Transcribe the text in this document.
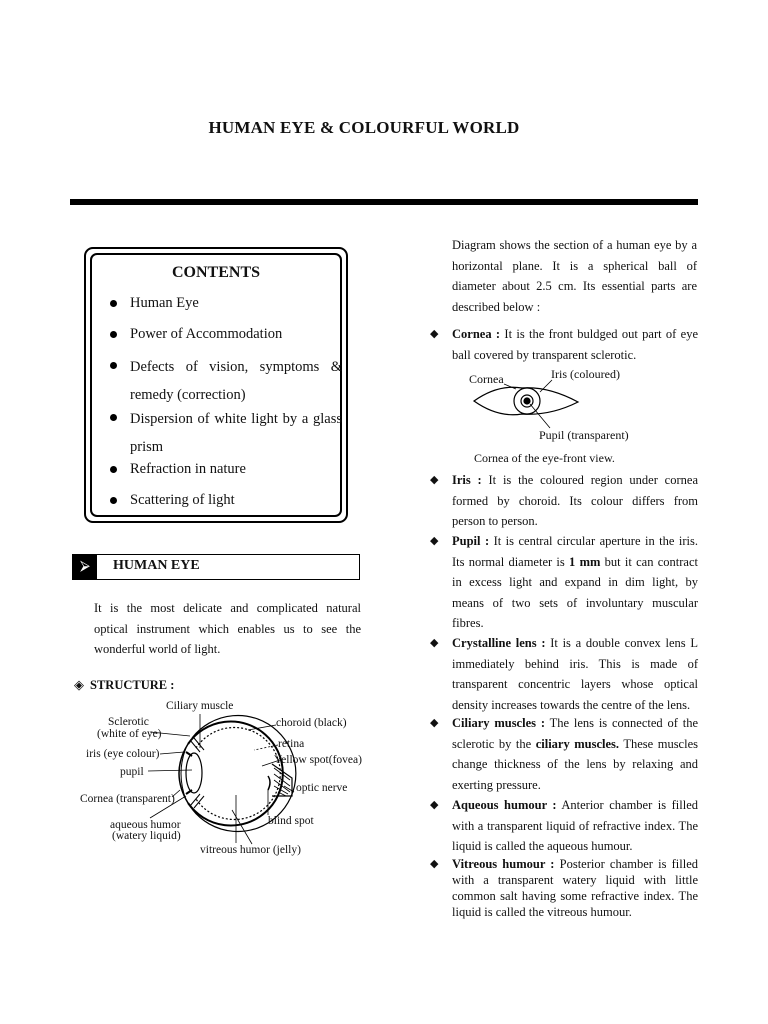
HUMAN EYE & COLOURFUL WORLD
CONTENTS
Human Eye
Power of Accommodation
Defects of vision, symptoms & remedy (correction)
Dispersion of white light by a glass prism
Refraction in nature
Scattering of light
⮚	HUMAN EYE
It is the most delicate and complicated natural optical instrument which enables us to see the wonderful world of light.
◈ STRUCTURE :
Ciliary muscle
Sclerotic
(white of eye)
iris (eye colour)
pupil
Cornea (transparent)
aqueous humor
(watery liquid)
vitreous humor (jelly)
blind spot
optic nerve
Yellow spot(fovea)
retina
choroid (black)
Diagram shows the section of a human eye by a horizontal plane. It is a spherical ball of diameter about 2.5 cm. Its essential parts are described below :
◆ Cornea : It is the front buldged out part of eye ball covered by transparent sclerotic.
Cornea	Iris (coloured)
Pupil (transparent)
Cornea of the eye-front view.
◆ Iris : It is the coloured region under cornea formed by choroid. Its colour differs from person to person.
◆ Pupil : It is central circular aperture in the iris. Its normal diameter is 1 mm but it can contract in excess light and expand in dim light, by means of two sets of involuntary muscular fibres.
◆ Crystalline lens : It is a double convex lens L immediately behind iris. This is made of transparent concentric layers whose optical density increases towards the centre of the lens.
◆ Ciliary muscles : The lens is connected of the sclerotic by the ciliary muscles. These muscles change thickness of the lens by relaxing and exerting pressure.
◆ Aqueous humour : Anterior chamber is filled with a transparent liquid of refractive index. The liquid is called the aqueous humour.
◆ Vitreous humour : Posterior chamber is filled with a transparent watery liquid with little common salt having some refractive index. The liquid is called the vitreous humour.
